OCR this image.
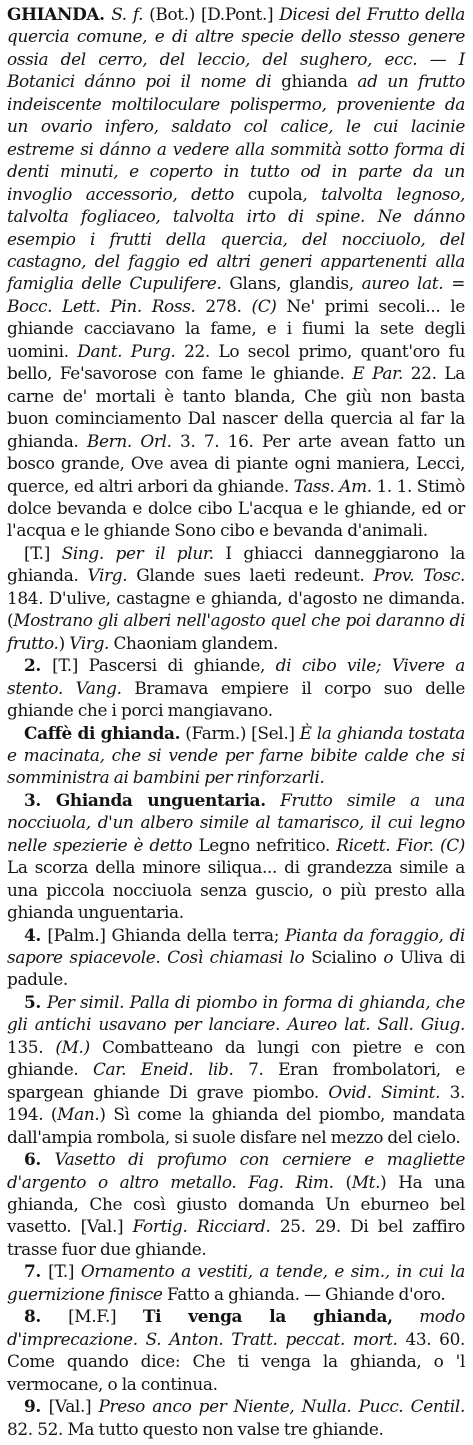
GHIANDA. S. f. (Bot.) [D.Pont.] Dicesi del Frutto della quercia comune, e di altre specie dello stesso genere ossia del cerro, del leccio, del sughero, ecc. — I Botanici dánno poi il nome di ghianda ad un frutto indeiscente moltiloculare polispermo, proveniente da un ovario infero, saldato col calice, le cui lacinie estreme si dánno a vedere alla sommità sotto forma di denti minuti, e coperto in tutto od in parte da un invoglio accessorio, detto cupola, talvolta legnoso, talvolta fogliaceo, talvolta irto di spine. Ne dánno esempio i frutti della quercia, del nocciuolo, del castagno, del faggio ed altri generi appartenenti alla famiglia delle Cupulifere. Glans, glandis, aureo lat. = Bocc. Lett. Pin. Ross. 278. (C) Ne' primi secoli... le ghiande cacciavano la fame, e i fiumi la sete degli uomini. Dant. Purg. 22. Lo secol primo, quant'oro fu bello, Fe'savorose con fame le ghiande. E Par. 22. La carne de' mortali è tanto blanda, Che giù non basta buon cominciamento Dal nascer della quercia al far la ghianda. Bern. Orl. 3. 7. 16. Per arte avean fatto un bosco grande, Ove avea di piante ogni maniera, Lecci, querce, ed altri arbori da ghiande. Tass. Am. 1. 1. Stimò dolce bevanda e dolce cibo L'acqua e le ghiande, ed or l'acqua e le ghiande Sono cibo e bevanda d'animali.

[T.] Sing. per il plur. I ghiacci danneggiarono la ghianda. Virg. Glande sues laeti redeunt. Prov. Tosc. 184. D'ulive, castagne e ghianda, d'agosto ne dimanda. (Mostrano gli alberi nell'agosto quel che poi daranno di frutto.) Virg. Chaoniam glandem.

2. [T.] Pascersi di ghiande, di cibo vile; Vivere a stento. Vang. Bramava empiere il corpo suo delle ghiande che i porci mangiavano.

Caffè di ghianda. (Farm.) [Sel.] È la ghianda tostata e macinata, che si vende per farne bibite calde che si somministra ai bambini per rinforzarli.

3. Ghianda unguentaria. Frutto simile a una nocciuola, d'un albero simile al tamarisco, il cui legno nelle spezierie è detto Legno nefritico. Ricett. Fior. (C) La scorza della minore siliqua... di grandezza simile a una piccola nocciuola senza guscio, o più presto alla ghianda unguentaria.

4. [Palm.] Ghianda della terra; Pianta da foraggio, di sapore spiacevole. Così chiamasi lo Scialino o Uliva di padule.

5. Per simil. Palla di piombo in forma di ghianda, che gli antichi usavano per lanciare. Aureo lat. Sall. Giug. 135. (M.) Combatteano da lungi con pietre e con ghiande. Car. Eneid. lib. 7. Eran frombolatori, e spargean ghiande Di grave piombo. Ovid. Simint. 3. 194. (Man.) Sì come la ghianda del piombo, mandata dall'ampia rombola, si suole disfare nel mezzo del cielo.

6. Vasetto di profumo con cerniere e magliette d'argento o altro metallo. Fag. Rim. (Mt.) Ha una ghianda, Che così giusto domanda Un eburneo bel vasetto. [Val.] Fortig. Ricciard. 25. 29. Di bel zaffiro trasse fuor due ghiande.

7. [T.] Ornamento a vestiti, a tende, e sim., in cui la guernizione finisce Fatto a ghianda. — Ghiande d'oro.

8. [M.F.] Ti venga la ghianda, modo d'imprecazione. S. Anton. Tratt. peccat. mort. 43. 60. Come quando dice: Che ti venga la ghianda, o 'l vermocane, o la continua.

9. [Val.] Preso anco per Niente, Nulla. Pucc. Centil. 82. 52. Ma tutto questo non valse tre ghiande.
